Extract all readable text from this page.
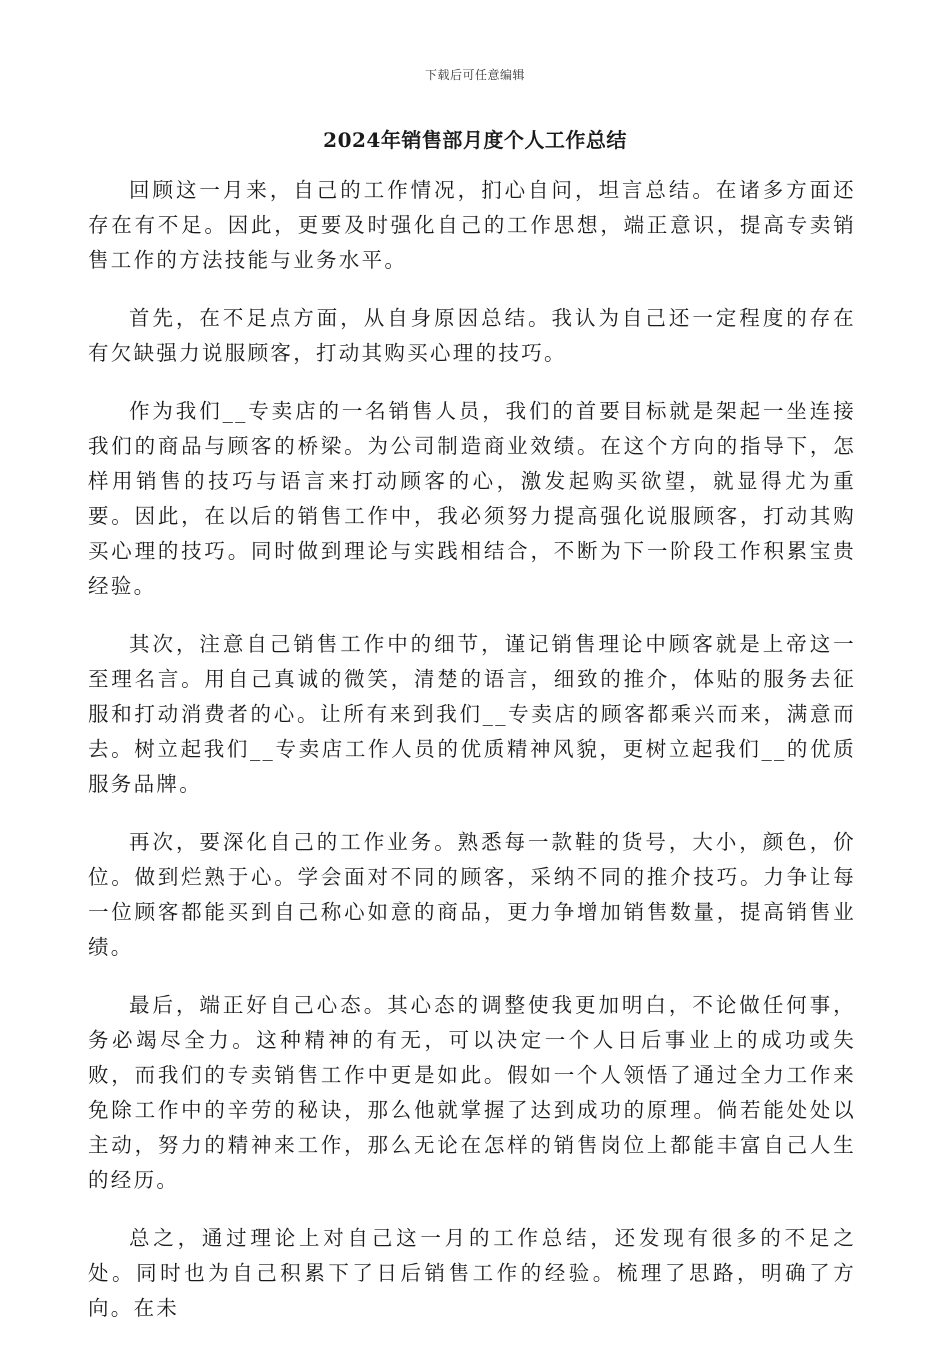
下载后可任意编辑
2024年销售部月度个人工作总结

回顾这一月来，自己的工作情况，扪心自问，坦言总结。在诸多方面还存在有不足。因此，更要及时强化自己的工作思想，端正意识，提高专卖销售工作的方法技能与业务水平。

首先，在不足点方面，从自身原因总结。我认为自己还一定程度的存在有欠缺强力说服顾客，打动其购买心理的技巧。

作为我们__专卖店的一名销售人员，我们的首要目标就是架起一坐连接我们的商品与顾客的桥梁。为公司制造商业效绩。在这个方向的指导下，怎样用销售的技巧与语言来打动顾客的心，激发起购买欲望，就显得尤为重要。因此，在以后的销售工作中，我必须努力提高强化说服顾客，打动其购买心理的技巧。同时做到理论与实践相结合，不断为下一阶段工作积累宝贵经验。

其次，注意自己销售工作中的细节，谨记销售理论中顾客就是上帝这一至理名言。用自己真诚的微笑，清楚的语言，细致的推介，体贴的服务去征服和打动消费者的心。让所有来到我们__专卖店的顾客都乘兴而来，满意而去。树立起我们__专卖店工作人员的优质精神风貌，更树立起我们__的优质服务品牌。

再次，要深化自己的工作业务。熟悉每一款鞋的货号，大小，颜色，价位。做到烂熟于心。学会面对不同的顾客，采纳不同的推介技巧。力争让每一位顾客都能买到自己称心如意的商品，更力争增加销售数量，提高销售业绩。

最后，端正好自己心态。其心态的调整使我更加明白，不论做任何事，务必竭尽全力。这种精神的有无，可以决定一个人日后事业上的成功或失败，而我们的专卖销售工作中更是如此。假如一个人领悟了通过全力工作来免除工作中的辛劳的秘诀，那么他就掌握了达到成功的原理。倘若能处处以主动，努力的精神来工作，那么无论在怎样的销售岗位上都能丰富自己人生的经历。

总之，通过理论上对自己这一月的工作总结，还发现有很多的不足之处。同时也为自己积累下了日后销售工作的经验。梳理了思路，明确了方向。在未
